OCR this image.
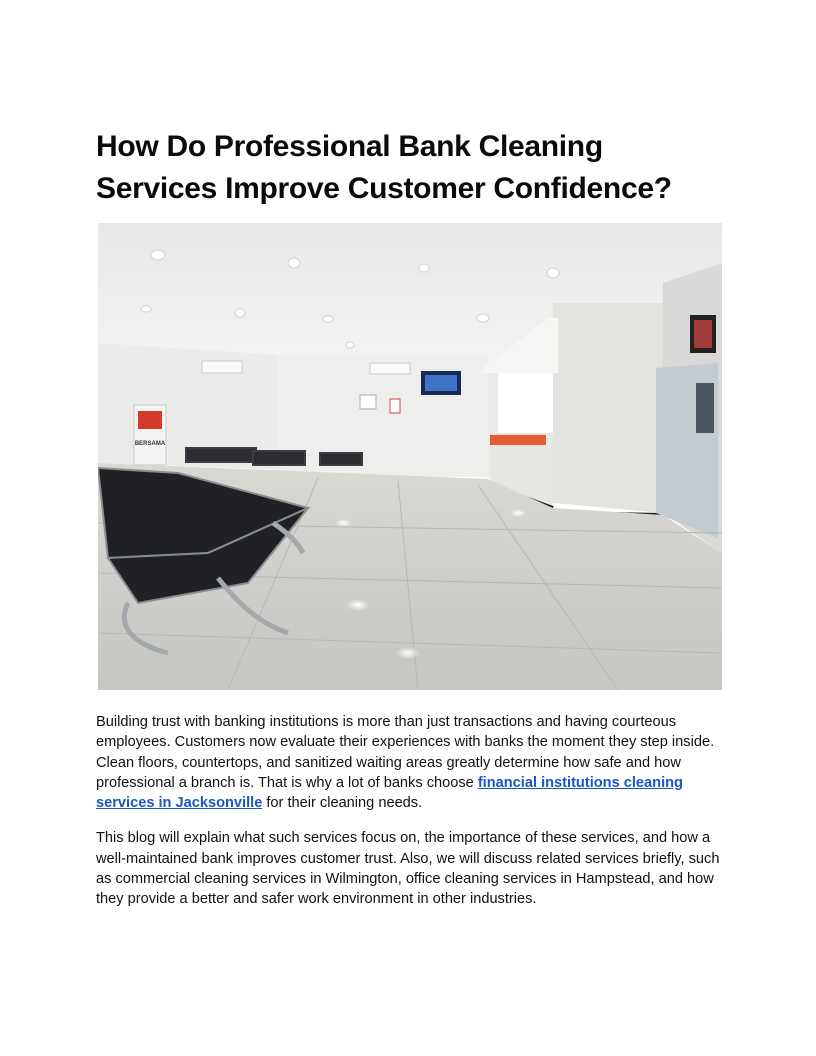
How Do Professional Bank Cleaning Services Improve Customer Confidence?
BERSAMA

Building trust with banking institutions is more than just transactions and having courteous employees. Customers now evaluate their experiences with banks the moment they step inside. Clean floors, countertops, and sanitized waiting areas greatly determine how safe and how professional a branch is. That is why a lot of banks choose financial institutions cleaning services in Jacksonville for their cleaning needs.

This blog will explain what such services focus on, the importance of these services, and how a well-maintained bank improves customer trust. Also, we will discuss related services briefly, such as commercial cleaning services in Wilmington, office cleaning services in Hampstead, and how they provide a better and safer work environment in other industries.
